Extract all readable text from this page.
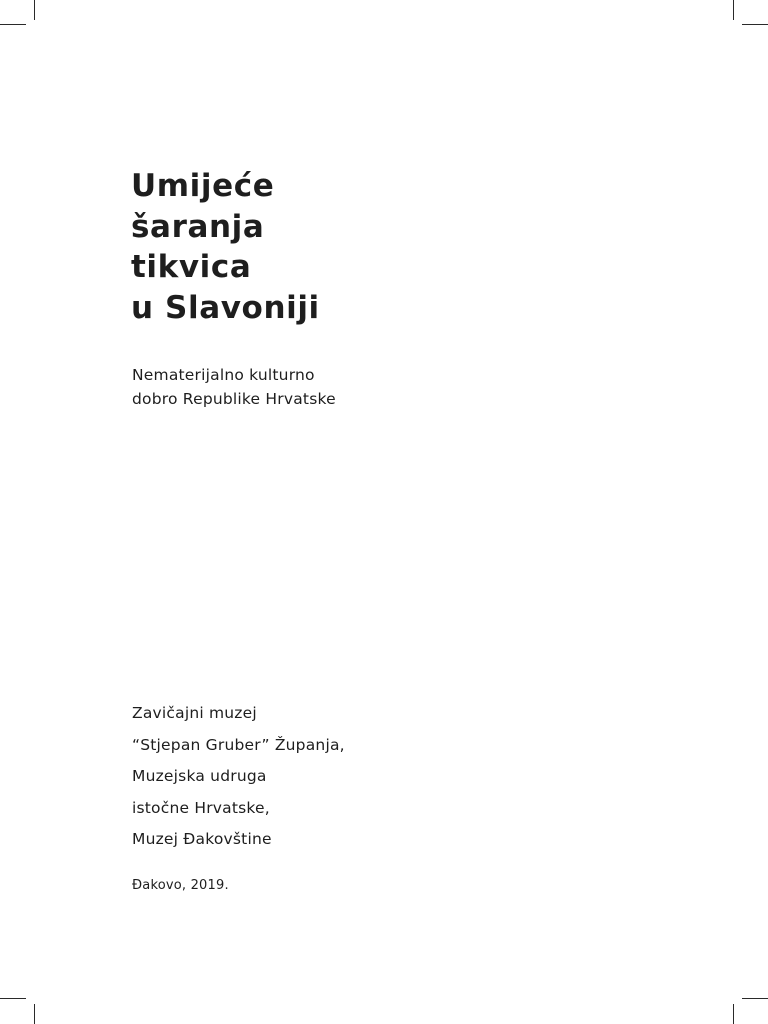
Umijeće
šaranja
tikvica
u Slavoniji

Nematerijalno kulturno
dobro Republike Hrvatske

Zavičajni muzej
“Stjepan Gruber” Županja,
Muzejska udruga
istočne Hrvatske,
Muzej Đakovštine

Đakovo, 2019.
